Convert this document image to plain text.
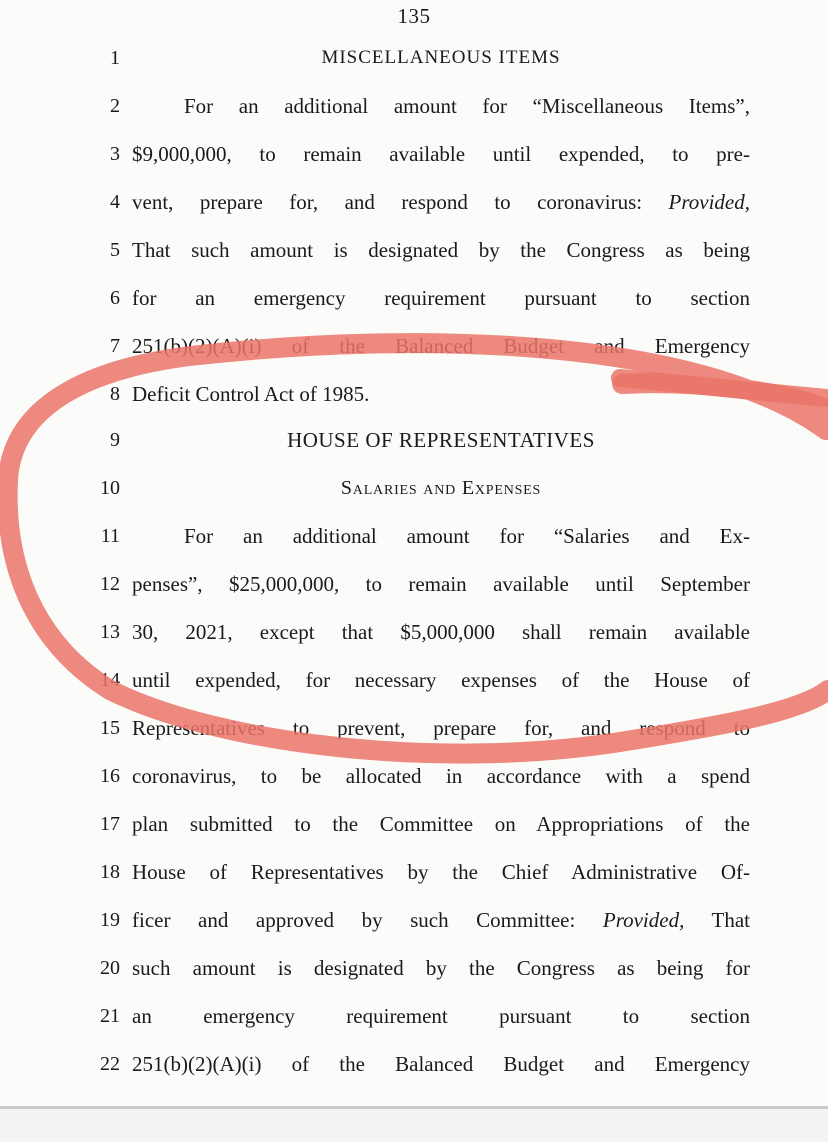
135
1	MISCELLANEOUS ITEMS
2	For an additional amount for “Miscellaneous Items”,
3 $9,000,000, to remain available until expended, to pre-
4 vent, prepare for, and respond to coronavirus: Provided,
5 That such amount is designated by the Congress as being
6 for an emergency requirement pursuant to section
7 251(b)(2)(A)(i) of the Balanced Budget and Emergency
8 Deficit Control Act of 1985.
9	HOUSE OF REPRESENTATIVES
10	Salaries and Expenses
11	For an additional amount for “Salaries and Ex-
12 penses”, $25,000,000, to remain available until September
13 30, 2021, except that $5,000,000 shall remain available
14 until expended, for necessary expenses of the House of
15 Representatives to prevent, prepare for, and respond to
16 coronavirus, to be allocated in accordance with a spend
17 plan submitted to the Committee on Appropriations of the
18 House of Representatives by the Chief Administrative Of-
19 ficer and approved by such Committee: Provided, That
20 such amount is designated by the Congress as being for
21 an emergency requirement pursuant to section
22 251(b)(2)(A)(i) of the Balanced Budget and Emergency
